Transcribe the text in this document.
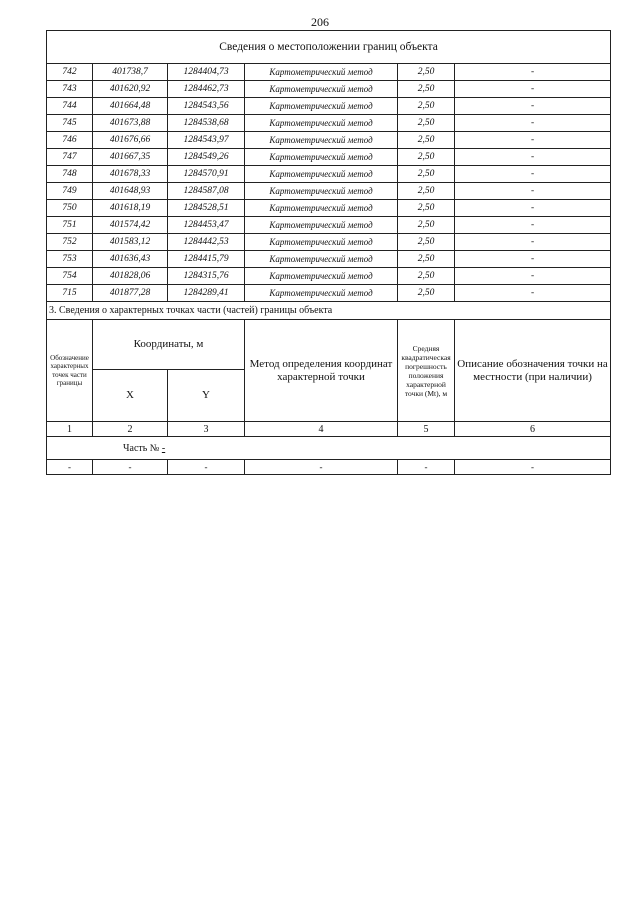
206
Сведения о местоположении границ объекта					
742	401738,7	1284404,73	Картометрический метод	2,50	-
743	401620,92	1284462,73	Картометрический метод	2,50	-
744	401664,48	1284543,56	Картометрический метод	2,50	-
745	401673,88	1284538,68	Картометрический метод	2,50	-
746	401676,66	1284543,97	Картометрический метод	2,50	-
747	401667,35	1284549,26	Картометрический метод	2,50	-
748	401678,33	1284570,91	Картометрический метод	2,50	-
749	401648,93	1284587,08	Картометрический метод	2,50	-
750	401618,19	1284528,51	Картометрический метод	2,50	-
751	401574,42	1284453,47	Картометрический метод	2,50	-
752	401583,12	1284442,53	Картометрический метод	2,50	-
753	401636,43	1284415,79	Картометрический метод	2,50	-
754	401828,06	1284315,76	Картометрический метод	2,50	-
715	401877,28	1284289,41	Картометрический метод	2,50	-
3. Сведения о характерных точках части (частей) границы объекта					
Обозначение характерных точек части границы	Координаты, м		Метод определения координат характерной точки	Средняя квадратическая погрешность положения характерной точки (Мt), м	Описание обозначения точки на местности (при наличии)
	X	Y			
1	2	3	4	5	6
Часть № -					
-	-	-	-	-	-
